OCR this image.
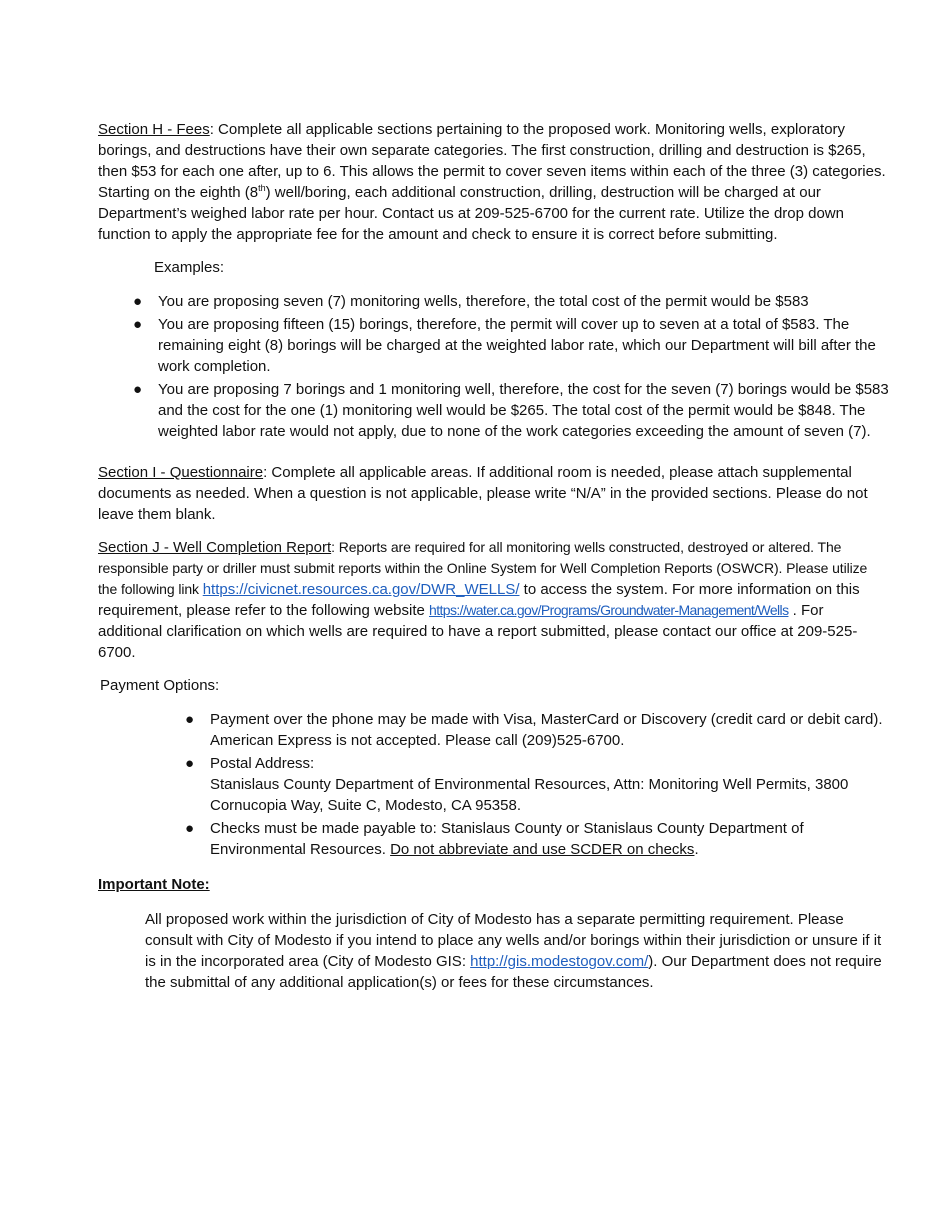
Section H - Fees: Complete all applicable sections pertaining to the proposed work. Monitoring wells, exploratory borings, and destructions have their own separate categories. The first construction, drilling and destruction is $265, then $53 for each one after, up to 6. This allows the permit to cover seven items within each of the three (3) categories. Starting on the eighth (8th) well/boring, each additional construction, drilling, destruction will be charged at our Department’s weighed labor rate per hour. Contact us at 209-525-6700 for the current rate. Utilize the drop down function to apply the appropriate fee for the amount and check to ensure it is correct before submitting.

Examples:

● You are proposing seven (7) monitoring wells, therefore, the total cost of the permit would be $583
● You are proposing fifteen (15) borings, therefore, the permit will cover up to seven at a total of $583. The remaining eight (8) borings will be charged at the weighted labor rate, which our Department will bill after the work completion.
● You are proposing 7 borings and 1 monitoring well, therefore, the cost for the seven (7) borings would be $583 and the cost for the one (1) monitoring well would be $265. The total cost of the permit would be $848. The weighted labor rate would not apply, due to none of the work categories exceeding the amount of seven (7).

Section I - Questionnaire: Complete all applicable areas. If additional room is needed, please attach supplemental documents as needed. When a question is not applicable, please write “N/A” in the provided sections. Please do not leave them blank.

Section J - Well Completion Report: Reports are required for all monitoring wells constructed, destroyed or altered. The responsible party or driller must submit reports within the Online System for Well Completion Reports (OSWCR). Please utilize the following link https://civicnet.resources.ca.gov/DWR_WELLS/ to access the system. For more information on this requirement, please refer to the following website https://water.ca.gov/Programs/Groundwater-Management/Wells . For additional clarification on which wells are required to have a report submitted, please contact our office at 209-525-6700.

Payment Options:

● Payment over the phone may be made with Visa, MasterCard or Discovery (credit card or debit card). American Express is not accepted. Please call (209)525-6700.
● Postal Address:
Stanislaus County Department of Environmental Resources, Attn: Monitoring Well Permits, 3800 Cornucopia Way, Suite C, Modesto, CA 95358.
● Checks must be made payable to: Stanislaus County or Stanislaus County Department of Environmental Resources. Do not abbreviate and use SCDER on checks.

Important Note:

All proposed work within the jurisdiction of City of Modesto has a separate permitting requirement. Please consult with City of Modesto if you intend to place any wells and/or borings within their jurisdiction or unsure if it is in the incorporated area (City of Modesto GIS: http://gis.modestogov.com/). Our Department does not require the submittal of any additional application(s) or fees for these circumstances.
